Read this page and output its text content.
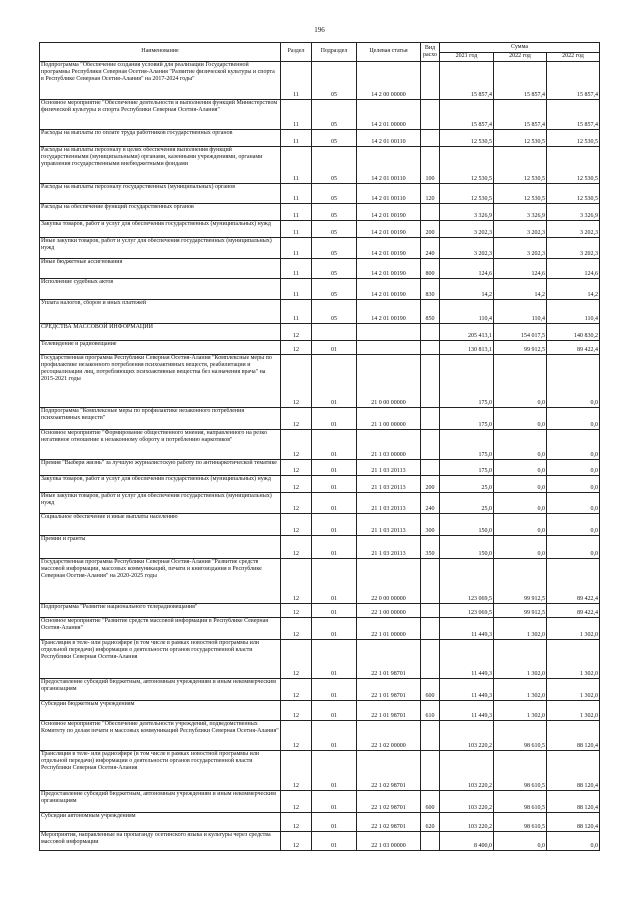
196
Наименование	Раздел	Подраздел	Целевая статья	Вид расхо	Сумма		
					2021 год	2022 год	2022 год
Подпрограмма "Обеспечение создания условий для реализации Государственной программы Республики Северная Осетия-Алания "Развитие физической культуры и спорта в Республике Северная Осетия-Алания" на 2017-2024 годы"	11	05	14 2 00 00000		15 857,4	15 857,4	15 857,4
Основное мероприятие "Обеспечение деятельности и выполнения функций Министерством физической культуры и спорта Республики Северная Осетия-Алания"	11	05	14 2 01 00000		15 857,4	15 857,4	15 857,4
Расходы на выплаты по оплате труда работников государственных органов	11	05	14 2 01 00110		12 530,5	12 530,5	12 530,5
Расходы на выплаты персоналу в целях обеспечения выполнения функций государственными (муниципальными) органами, казенными учреждениями, органами управления государственными внебюджетными фондами	11	05	14 2 01 00110	100	12 530,5	12 530,5	12 530,5
Расходы на выплаты персоналу государственных (муниципальных) органов	11	05	14 2 01 00110	120	12 530,5	12 530,5	12 530,5
Расходы на обеспечение функций государственных органов	11	05	14 2 01 00190		3 326,9	3 326,9	3 326,9
Закупка товаров, работ и услуг для обеспечения государственных (муниципальных) нужд	11	05	14 2 01 00190	200	3 202,3	3 202,3	3 202,3
Иные закупки товаров, работ и услуг для обеспечения государственных (муниципальных) нужд	11	05	14 2 01 00190	240	3 202,3	3 202,3	3 202,3
Иные бюджетные ассигнования	11	05	14 2 01 00190	800	124,6	124,6	124,6
Исполнение судебных актов	11	05	14 2 01 00190	830	14,2	14,2	14,2
Уплата налогов, сборов и иных платежей	11	05	14 2 01 00190	850	110,4	110,4	110,4
СРЕДСТВА МАССОВОЙ ИНФОРМАЦИИ	12				205 413,1	154 017,5	140 830,2
Телевидение и радиовещание	12	01			130 813,1	99 912,5	89 422,4
Государственная программа Республики Северная Осетия-Алания "Комплексные меры по профилактике незаконного потребления психоактивных веществ, реабилитации и ресоциализации лиц, потребляющих психоактивные вещества без назначения врача" на 2015-2021 годы	12	01	21 0 00 00000		175,0	0,0	0,0
Подпрограмма "Комплексные меры по профилактике незаконного потребления психоактивных веществ"	12	01	21 1 00 00000		175,0	0,0	0,0
Основное мероприятие "Формирование общественного мнения, направленного на резко негативное отношение к незаконному обороту и потреблению наркотиков"	12	01	21 1 03 00000		175,0	0,0	0,0
Премия "Выбери жизнь" за лучшую журналистскую работу по антинаркотической тематике	12	01	21 1 03 20113		175,0	0,0	0,0
Закупка товаров, работ и услуг для обеспечения государственных (муниципальных) нужд	12	01	21 1 03 20113	200	25,0	0,0	0,0
Иные закупки товаров, работ и услуг для обеспечения государственных (муниципальных) нужд	12	01	21 1 03 20113	240	25,0	0,0	0,0
Социальное обеспечение и иные выплаты населению	12	01	21 1 03 20113	300	150,0	0,0	0,0
Премии и гранты	12	01	21 1 03 20113	350	150,0	0,0	0,0
Государственная программа Республики Северная Осетия-Алания "Развитие средств массовой информации, массовых коммуникаций, печати и книгоиздания в Республике Северная Осетия-Алания" на 2020-2025 годы	12	01	22 0 00 00000		123 069,5	99 912,5	89 422,4
Подпрограмма "Развитие национального телерадиовещания"	12	01	22 1 00 00000		123 069,5	99 912,5	89 422,4
Основное мероприятие "Развитие средств массовой информации в Республике Северная Осетия-Алания"	12	01	22 1 01 00000		11 449,3	1 302,0	1 302,0
Трансляция в теле- или радиоэфире (в том числе в рамках новостной программы или отдельной передачи) информации о деятельности органов государственной власти Республики Северная Осетия-Алания	12	01	22 1 01 98701		11 449,3	1 302,0	1 302,0
Предоставление субсидий бюджетным, автономным учреждениям и иным некоммерческим организациям	12	01	22 1 01 98701	600	11 449,3	1 302,0	1 302,0
Субсидии бюджетным учреждениям	12	01	22 1 01 98701	610	11 449,3	1 302,0	1 302,0
Основное мероприятие "Обеспечение деятельности учреждений, подведомственных Комитету по делам печати и массовых коммуникаций Республики Северная Осетия-Алания"	12	01	22 1 02 00000		103 220,2	98 610,5	88 120,4
Трансляция в теле- или радиоэфире (в том числе в рамках новостной программы или отдельной передачи) информации о деятельности органов государственной власти Республики Северная Осетия-Алания	12	01	22 1 02 98701		103 220,2	98 610,5	88 120,4
Предоставление субсидий бюджетным, автономным учреждениям и иным некоммерческим организациям	12	01	22 1 02 98701	600	103 220,2	98 610,5	88 120,4
Субсидии автономным учреждениям	12	01	22 1 02 98701	620	103 220,2	98 610,5	88 120,4
Мероприятия, направленные на пропаганду осетинского языка и культуры через средства массовой информации	12	01	22 1 03 00000		8 400,0	0,0	0,0
